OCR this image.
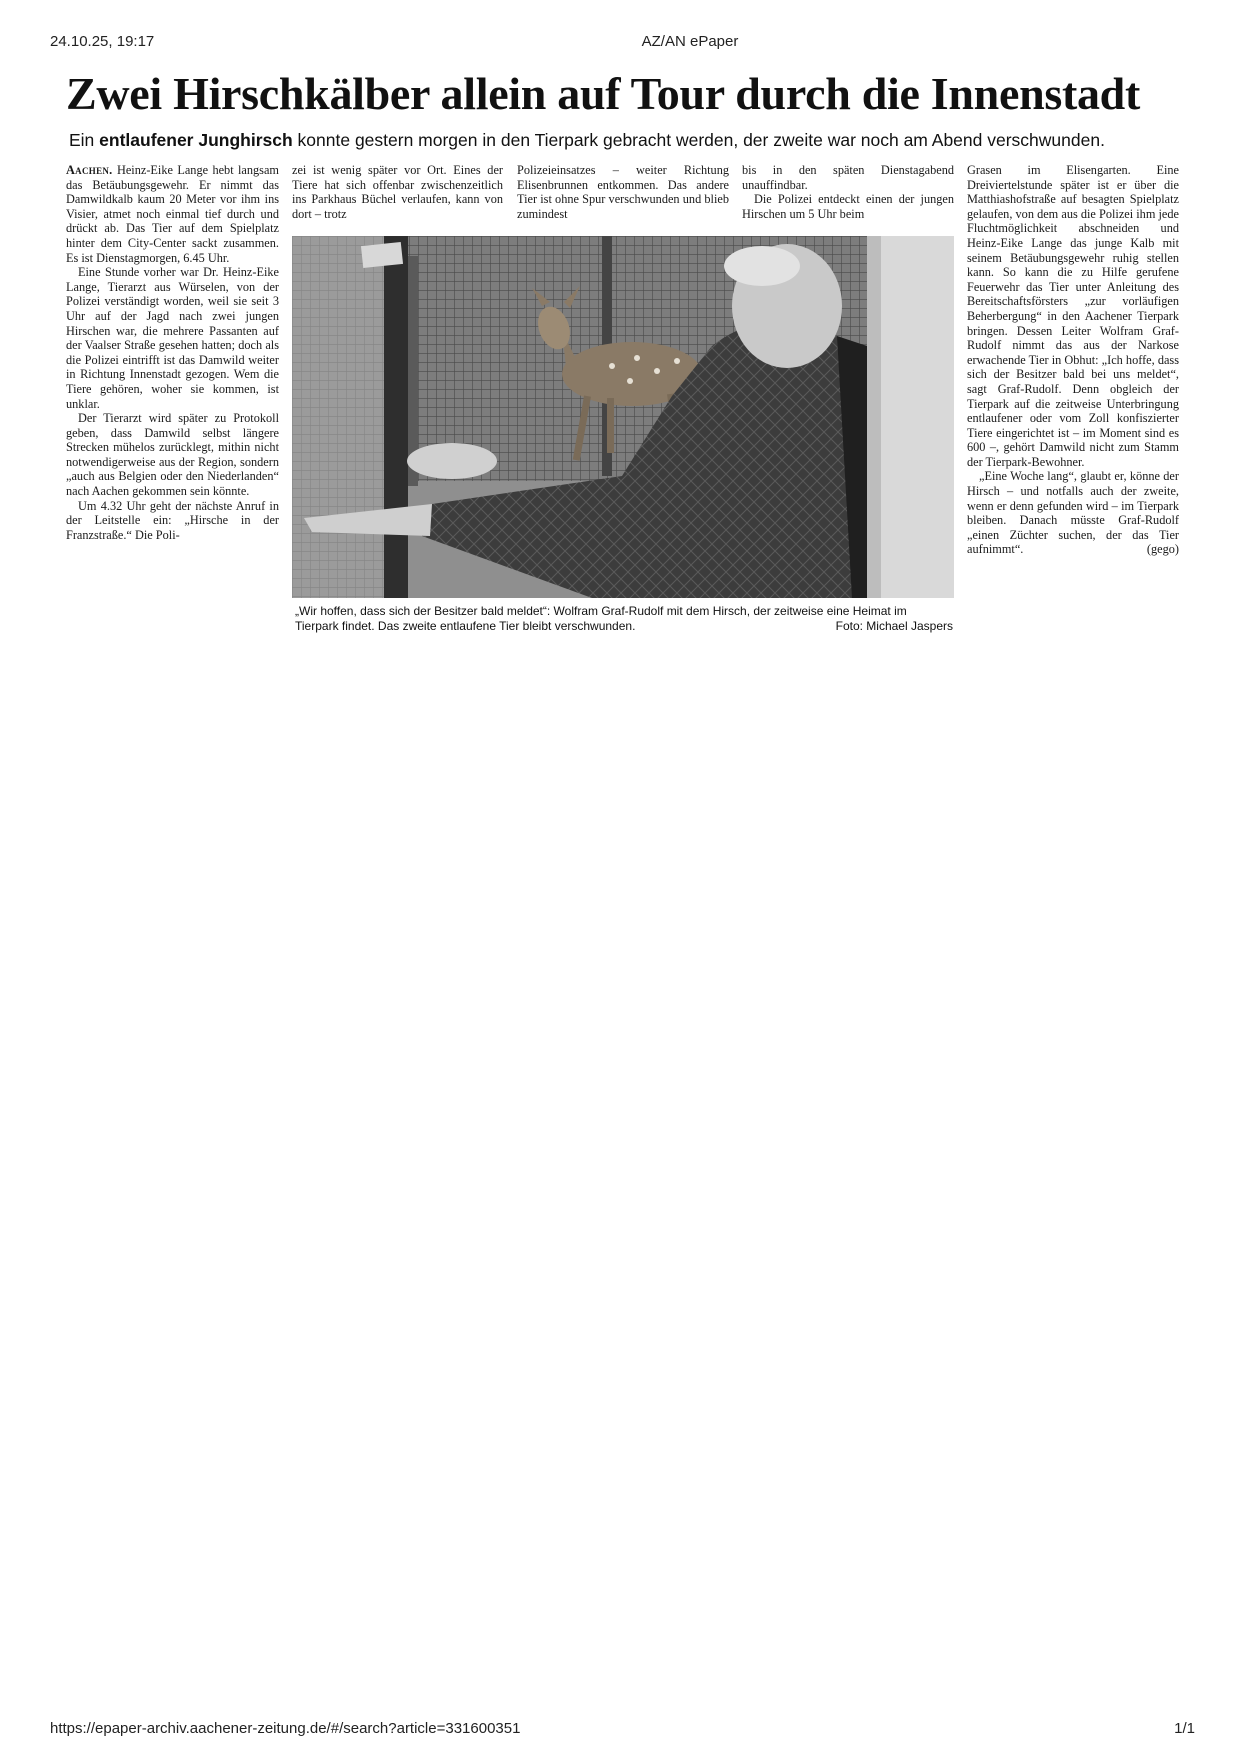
24.10.25, 19:17	AZ/AN ePaper
Zwei Hirschkälber allein auf Tour durch die Innenstadt
Ein entlaufener Junghirsch konnte gestern morgen in den Tierpark gebracht werden, der zweite war noch am Abend verschwunden.

Aachen. Heinz-Eike Lange hebt langsam das Betäubungsgewehr. Er nimmt das Damwildkalb kaum 20 Meter vor ihm ins Visier, atmet noch einmal tief durch und drückt ab. Das Tier auf dem Spielplatz hinter dem City-Center sackt zusammen. Es ist Dienstagmorgen, 6.45 Uhr.

Eine Stunde vorher war Dr. Heinz-Eike Lange, Tierarzt aus Würselen, von der Polizei verständigt worden, weil sie seit 3 Uhr auf der Jagd nach zwei jungen Hirschen war, die mehrere Passanten auf der Vaalser Straße gesehen hatten; doch als die Polizei eintrifft ist das Damwild weiter in Richtung Innenstadt gezogen. Wem die Tiere gehören, woher sie kommen, ist unklar.

Der Tierarzt wird später zu Protokoll geben, dass Damwild selbst längere Strecken mühelos zurücklegt, mithin nicht notwendigerweise aus der Region, sondern „auch aus Belgien oder den Niederlanden“ nach Aachen gekommen sein könnte.

Um 4.32 Uhr geht der nächste Anruf in der Leitstelle ein: „Hirsche in der Franzstraße.“ Die Poli-

zei ist wenig später vor Ort. Eines der Tiere hat sich offenbar zwischenzeitlich ins Parkhaus Büchel verlaufen, kann von dort – trotz

Polizeieinsatzes – weiter Richtung Elisenbrunnen entkommen. Das andere Tier ist ohne Spur verschwunden und blieb zumindest

bis in den späten Dienstagabend unauffindbar.

Die Polizei entdeckt einen der jungen Hirschen um 5 Uhr beim

Grasen im Elisengarten. Eine Dreiviertelstunde später ist er über die Matthiashofstraße auf besagten Spielplatz gelaufen, von dem aus die Polizei ihm jede Fluchtmöglichkeit abschneiden und Heinz-Eike Lange das junge Kalb mit seinem Betäubungsgewehr ruhig stellen kann. So kann die zu Hilfe gerufene Feuerwehr das Tier unter Anleitung des Bereitschaftsförsters „zur vorläufigen Beherbergung“ in den Aachener Tierpark bringen. Dessen Leiter Wolfram Graf-Rudolf nimmt das aus der Narkose erwachende Tier in Obhut: „Ich hoffe, dass sich der Besitzer bald bei uns meldet“, sagt Graf-Rudolf. Denn obgleich der Tierpark auf die zeitweise Unterbringung entlaufener oder vom Zoll konfiszierter Tiere eingerichtet ist – im Moment sind es 600 –, gehört Damwild nicht zum Stamm der Tierpark-Bewohner.

„Eine Woche lang“, glaubt er, könne der Hirsch – und notfalls auch der zweite, wenn er denn gefunden wird – im Tierpark bleiben. Danach müsste Graf-Rudolf „einen Züchter suchen, der das Tier aufnimmt“.	(gego)

„Wir hoffen, dass sich der Besitzer bald meldet“: Wolfram Graf-Rudolf mit dem Hirsch, der zeitweise eine Heimat im Tierpark findet. Das zweite entlaufene Tier bleibt verschwunden.	Foto: Michael Jaspers
https://epaper-archiv.aachener-zeitung.de/#/search?article=331600351	1/1
